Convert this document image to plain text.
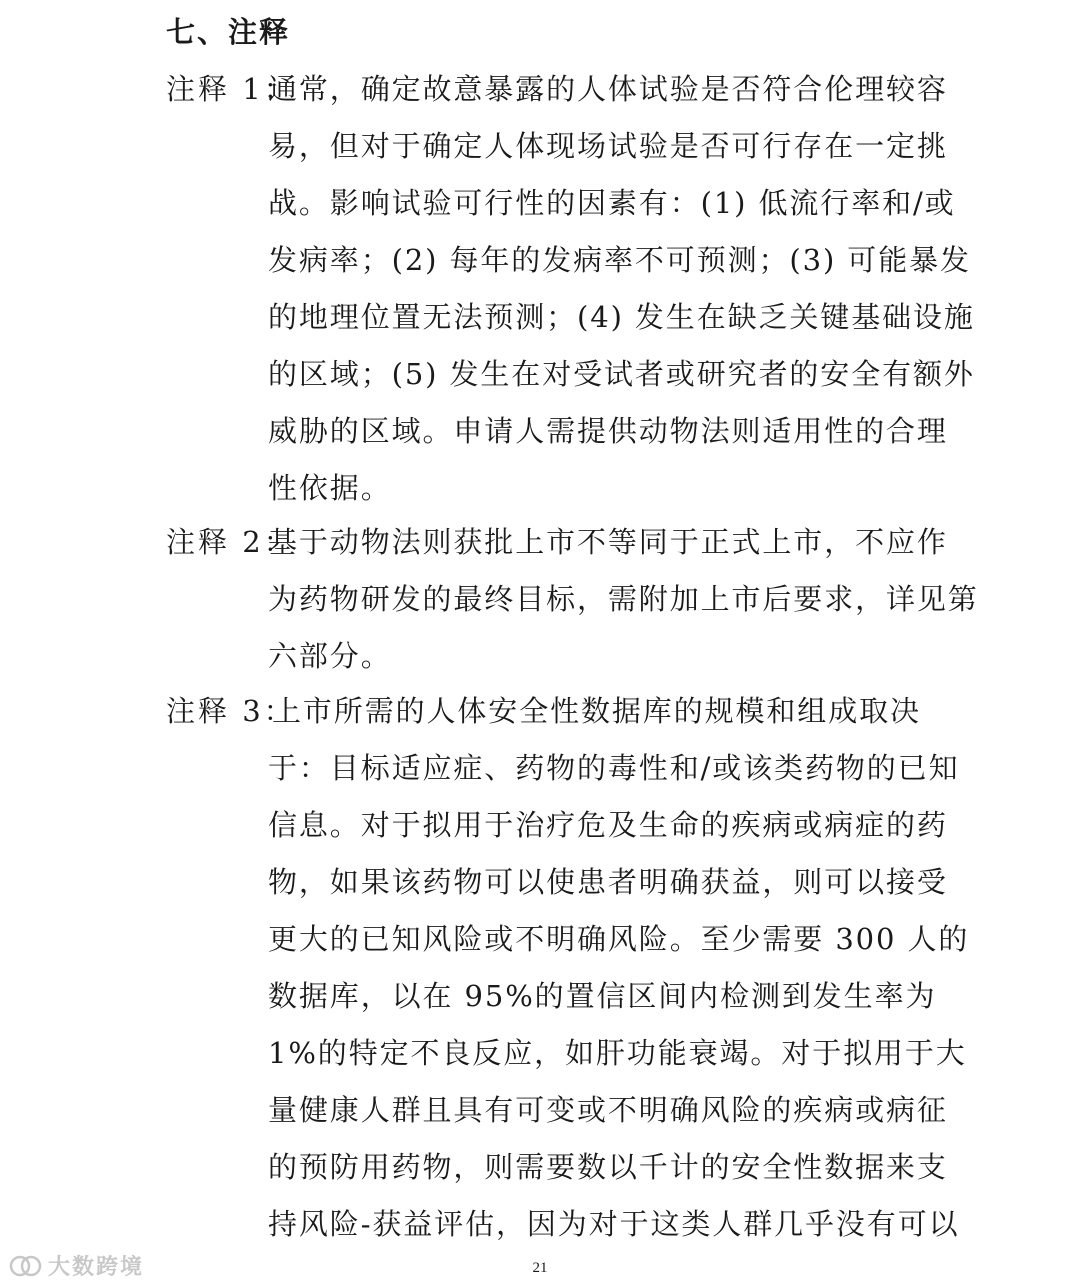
七、注释
注释 1：
通常，确定故意暴露的人体试验是否符合伦理较容
易，但对于确定人体现场试验是否可行存在一定挑
战。影响试验可行性的因素有：(1) 低流行率和/或
发病率；(2) 每年的发病率不可预测；(3) 可能暴发
的地理位置无法预测；(4) 发生在缺乏关键基础设施
的区域；(5) 发生在对受试者或研究者的安全有额外
威胁的区域。申请人需提供动物法则适用性的合理
性依据。
注释 2：
基于动物法则获批上市不等同于正式上市，不应作
为药物研发的最终目标，需附加上市后要求，详见第
六部分。
注释 3：
上市所需的人体安全性数据库的规模和组成取决
于：目标适应症、药物的毒性和/或该类药物的已知
信息。对于拟用于治疗危及生命的疾病或病症的药
物，如果该药物可以使患者明确获益，则可以接受
更大的已知风险或不明确风险。至少需要 300 人的
数据库，以在 95%的置信区间内检测到发生率为
1%的特定不良反应，如肝功能衰竭。对于拟用于大
量健康人群且具有可变或不明确风险的疾病或病征
的预防用药物，则需要数以千计的安全性数据来支
持风险-获益评估，因为对于这类人群几乎没有可以
21
大数跨境
